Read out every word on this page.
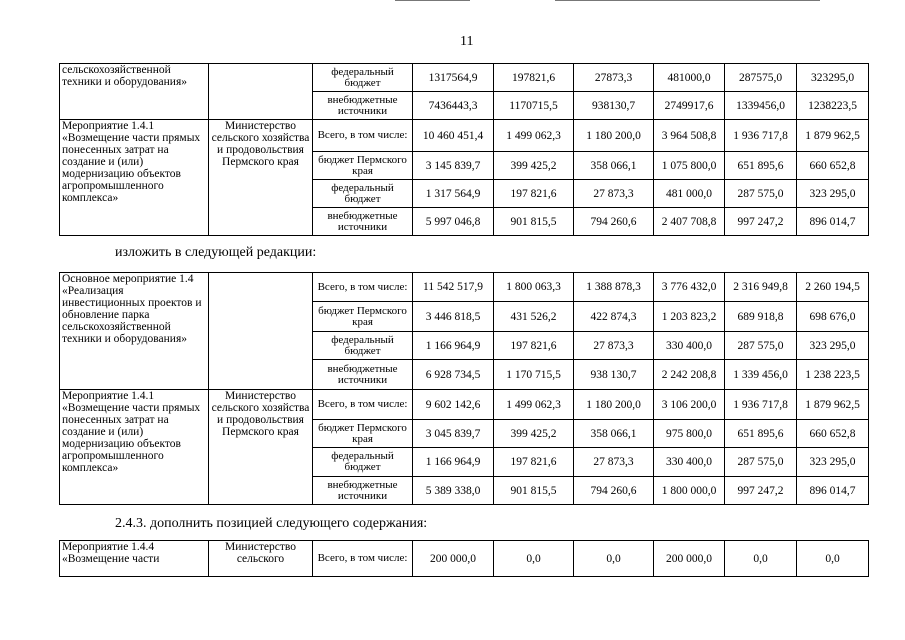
11
сельскохозяйственной техники и оборудования»		федеральный бюджет	1317564,9	197821,6	27873,3	481000,0	287575,0	323295,0
		внебюджетные источники	7436443,3	1170715,5	938130,7	2749917,6	1339456,0	1238223,5
Мероприятие 1.4.1 «Возмещение части прямых понесенных затрат на создание и (или) модернизацию объектов агропромышленного комплекса»	Министерство сельского хозяйства и продовольствия Пермского края	Всего, в том числе:	10 460 451,4	1 499 062,3	1 180 200,0	3 964 508,8	1 936 717,8	1 879 962,5
		бюджет Пермского края	3 145 839,7	399 425,2	358 066,1	1 075 800,0	651 895,6	660 652,8
		федеральный бюджет	1 317 564,9	197 821,6	27 873,3	481 000,0	287 575,0	323 295,0
		внебюджетные источники	5 997 046,8	901 815,5	794 260,6	2 407 708,8	997 247,2	896 014,7
изложить в следующей редакции:
Основное мероприятие 1.4 «Реализация инвестиционных проектов и обновление парка сельскохозяйственной техники и оборудования»		Всего, в том числе:	11 542 517,9	1 800 063,3	1 388 878,3	3 776 432,0	2 316 949,8	2 260 194,5
		бюджет Пермского края	3 446 818,5	431 526,2	422 874,3	1 203 823,2	689 918,8	698 676,0
		федеральный бюджет	1 166 964,9	197 821,6	27 873,3	330 400,0	287 575,0	323 295,0
		внебюджетные источники	6 928 734,5	1 170 715,5	938 130,7	2 242 208,8	1 339 456,0	1 238 223,5
Мероприятие 1.4.1 «Возмещение части прямых понесенных затрат на создание и (или) модернизацию объектов агропромышленного комплекса»	Министерство сельского хозяйства и продовольствия Пермского края	Всего, в том числе:	9 602 142,6	1 499 062,3	1 180 200,0	3 106 200,0	1 936 717,8	1 879 962,5
		бюджет Пермского края	3 045 839,7	399 425,2	358 066,1	975 800,0	651 895,6	660 652,8
		федеральный бюджет	1 166 964,9	197 821,6	27 873,3	330 400,0	287 575,0	323 295,0
		внебюджетные источники	5 389 338,0	901 815,5	794 260,6	1 800 000,0	997 247,2	896 014,7
2.4.3. дополнить позицией следующего содержания:
Мероприятие 1.4.4 «Возмещение части	Министерство сельского	Всего, в том числе:	200 000,0	0,0	0,0	200 000,0	0,0	0,0
